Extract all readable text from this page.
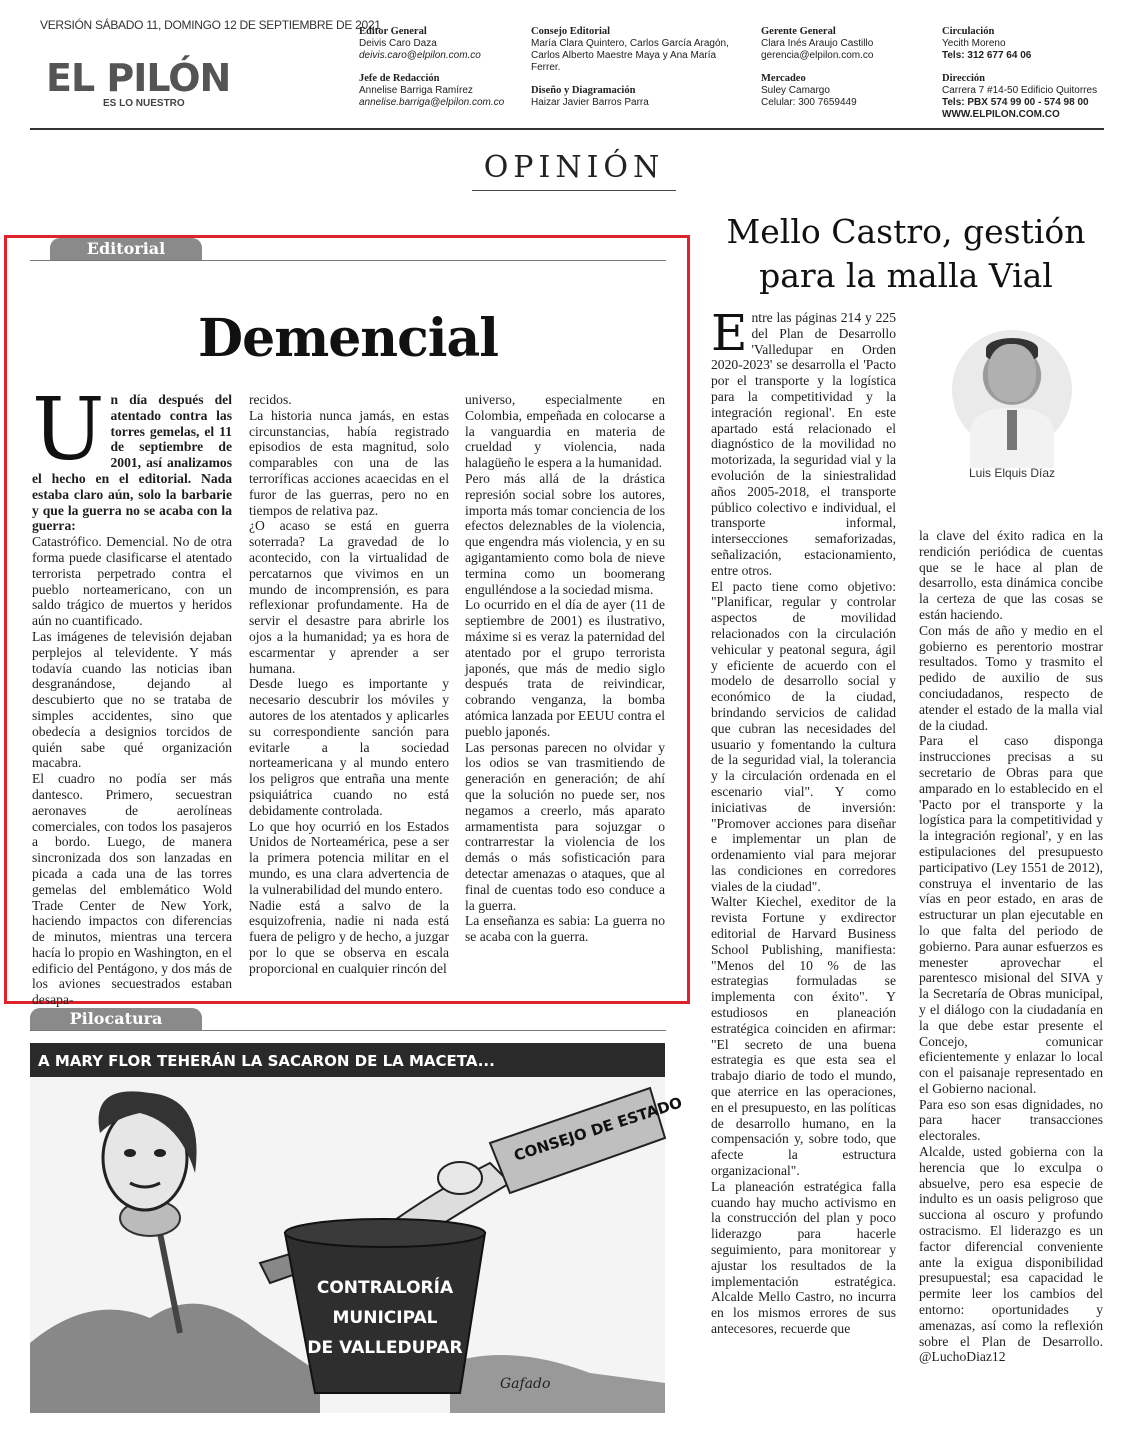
VERSIÓN SÁBADO 11, DOMINGO 12 DE SEPTIEMBRE DE 2021
EL PILÓN
ES LO NUESTRO
Editor General
Deivis Caro Daza
deivis.caro@elpilon.com.co
Jefe de Redacción
Annelise Barriga Ramírez
annelise.barriga@elpilon.com.co
Consejo Editorial
María Clara Quintero, Carlos García Aragón,
Carlos Alberto Maestre Maya y Ana María
Ferrer.
Diseño y Diagramación
Haizar Javier Barros Parra
Gerente General
Clara Inés Araujo Castillo
gerencia@elpilon.com.co
Mercadeo
Suley Camargo
Celular: 300 7659449
Circulación
Yecith Moreno
Tels: 312 677 64 06
Dirección
Carrera 7 #14-50 Edificio Quitorres
Tels: PBX 574 99 00 - 574 98 00
WWW.ELPILON.COM.CO
OPINIÓN
Editorial
Demencial
U n día después del atentado contra las torres gemelas, el 11 de septiembre de 2001, así analizamos el hecho en el editorial. Nada estaba claro aún, solo la barbarie y que la guerra no se acaba con la guerra:

Catastrófico. Demencial. No de otra forma puede clasificarse el atentado terrorista perpetrado contra el pueblo norteamericano, con un saldo trágico de muertos y heridos aún no cuantificado.

Las imágenes de televisión dejaban perplejos al televidente. Y más todavía cuando las noticias iban desgranándose, dejando al descubierto que no se trataba de simples accidentes, sino que obedecía a designios torcidos de quién sabe qué organización macabra.

El cuadro no podía ser más dantesco. Primero, secuestran aeronaves de aerolíneas comerciales, con todos los pasajeros a bordo. Luego, de manera sincronizada dos son lanzadas en picada a cada una de las torres gemelas del emblemático Wold Trade Center de New York, haciendo impactos con diferencias de minutos, mientras una tercera hacía lo propio en Washington, en el edificio del Pentágono, y dos más de los aviones secuestrados estaban desapa-

recidos.

La historia nunca jamás, en estas circunstancias, había registrado episodios de esta magnitud, solo comparables con una de las terroríficas acciones acaecidas en el furor de las guerras, pero no en tiempos de relativa paz.

¿O acaso se está en guerra soterrada? La gravedad de lo acontecido, con la virtualidad de percatarnos que vivimos en un mundo de incomprensión, es para reflexionar profundamente. Ha de servir el desastre para abrirle los ojos a la humanidad; ya es hora de escarmentar y aprender a ser humana.

Desde luego es importante y necesario descubrir los móviles y autores de los atentados y aplicarles su correspondiente sanción para evitarle a la sociedad norteamericana y al mundo entero los peligros que entraña una mente psiquiátrica cuando no está debidamente controlada.

Lo que hoy ocurrió en los Estados Unidos de Norteamérica, pese a ser la primera potencia militar en el mundo, es una clara advertencia de la vulnerabilidad del mundo entero.

Nadie está a salvo de la esquizofrenia, nadie ni nada está fuera de peligro y de hecho, a juzgar por lo que se observa en escala proporcional en cualquier rincón del

universo, especialmente en Colombia, empeñada en colocarse a la vanguardia en materia de crueldad y violencia, nada halagüeño le espera a la humanidad.

Pero más allá de la drástica represión social sobre los autores, importa más tomar conciencia de los efectos deleznables de la violencia, que engendra más violencia, y en su agigantamiento como bola de nieve termina como un boomerang engulléndose a la sociedad misma.

Lo ocurrido en el día de ayer (11 de septiembre de 2001) es ilustrativo, máxime si es veraz la paternidad del atentado por el grupo terrorista japonés, que más de medio siglo después trata de reivindicar, cobrando venganza, la bomba atómica lanzada por EEUU contra el pueblo japonés.

Las personas parecen no olvidar y los odios se van trasmitiendo de generación en generación; de ahí que la solución no puede ser, nos negamos a creerlo, más aparato armamentista para sojuzgar o contrarrestar la violencia de los demás o más sofisticación para detectar amenazas o ataques, que al final de cuentas todo eso conduce a la guerra.

La enseñanza es sabia: La guerra no se acaba con la guerra.

Pilocatura
A MARY FLOR TEHERÁN LA SACARON DE LA MACETA...
CONSEJO DE ESTADO
CONTRALORÍA
MUNICIPAL
DE VALLEDUPAR
Gafado
Mello Castro, gestión
para la malla Vial
Luis Elquis Díaz
E ntre las páginas 214 y 225 del Plan de Desarrollo 'Valledupar en Orden 2020-2023' se desarrolla el 'Pacto por el transporte y la logística para la competitividad y la integración regional'. En este apartado está relacionado el diagnóstico de la movilidad no motorizada, la seguridad vial y la evolución de la siniestralidad años 2005-2018, el transporte público colectivo e individual, el transporte informal, intersecciones semaforizadas, señalización, estacionamiento, entre otros.

El pacto tiene como objetivo: "Planificar, regular y controlar aspectos de movilidad relacionados con la circulación vehicular y peatonal segura, ágil y eficiente de acuerdo con el modelo de desarrollo social y económico de la ciudad, brindando servicios de calidad que cubran las necesidades del usuario y fomentando la cultura de la seguridad vial, la tolerancia y la circulación ordenada en el escenario vial". Y como iniciativas de inversión: "Promover acciones para diseñar e implementar un plan de ordenamiento vial para mejorar las condiciones en corredores viales de la ciudad".

Walter Kiechel, exeditor de la revista Fortune y exdirector editorial de Harvard Business School Publishing, manifiesta: "Menos del 10 % de las estrategias formuladas se implementa con éxito". Y estudiosos en planeación estratégica coinciden en afirmar: "El secreto de una buena estrategia es que esta sea el trabajo diario de todo el mundo, que aterrice en las operaciones, en el presupuesto, en las políticas de desarrollo humano, en la compensación y, sobre todo, que afecte la estructura organizacional".

La planeación estratégica falla cuando hay mucho activismo en la construcción del plan y poco liderazgo para hacerle seguimiento, para monitorear y ajustar los resultados de la implementación estratégica. Alcalde Mello Castro, no incurra en los mismos errores de sus antecesores, recuerde que

la clave del éxito radica en la rendición periódica de cuentas que se le hace al plan de desarrollo, esta dinámica concibe la certeza de que las cosas se están haciendo.

Con más de año y medio en el gobierno es perentorio mostrar resultados. Tomo y trasmito el pedido de auxilio de sus conciudadanos, respecto de atender el estado de la malla vial de la ciudad.

Para el caso disponga instrucciones precisas a su secretario de Obras para que amparado en lo establecido en el 'Pacto por el transporte y la logística para la competitividad y la integración regional', y en las estipulaciones del presupuesto participativo (Ley 1551 de 2012), construya el inventario de las vías en peor estado, en aras de estructurar un plan ejecutable en lo que falta del periodo de gobierno. Para aunar esfuerzos es menester aprovechar el parentesco misional del SIVA y la Secretaría de Obras municipal, y el diálogo con la ciudadanía en la que debe estar presente el Concejo, comunicar eficientemente y enlazar lo local con el paisanaje representado en el Gobierno nacional.

Para eso son esas dignidades, no para hacer transacciones electorales.

Alcalde, usted gobierna con la herencia que lo exculpa o absuelve, pero esa especie de indulto es un oasis peligroso que succiona al oscuro y profundo ostracismo. El liderazgo es un factor diferencial conveniente ante la exigua disponibilidad presupuestal; esa capacidad le permite leer los cambios del entorno: oportunidades y amenazas, así como la reflexión sobre el Plan de Desarrollo. @LuchoDiaz12
